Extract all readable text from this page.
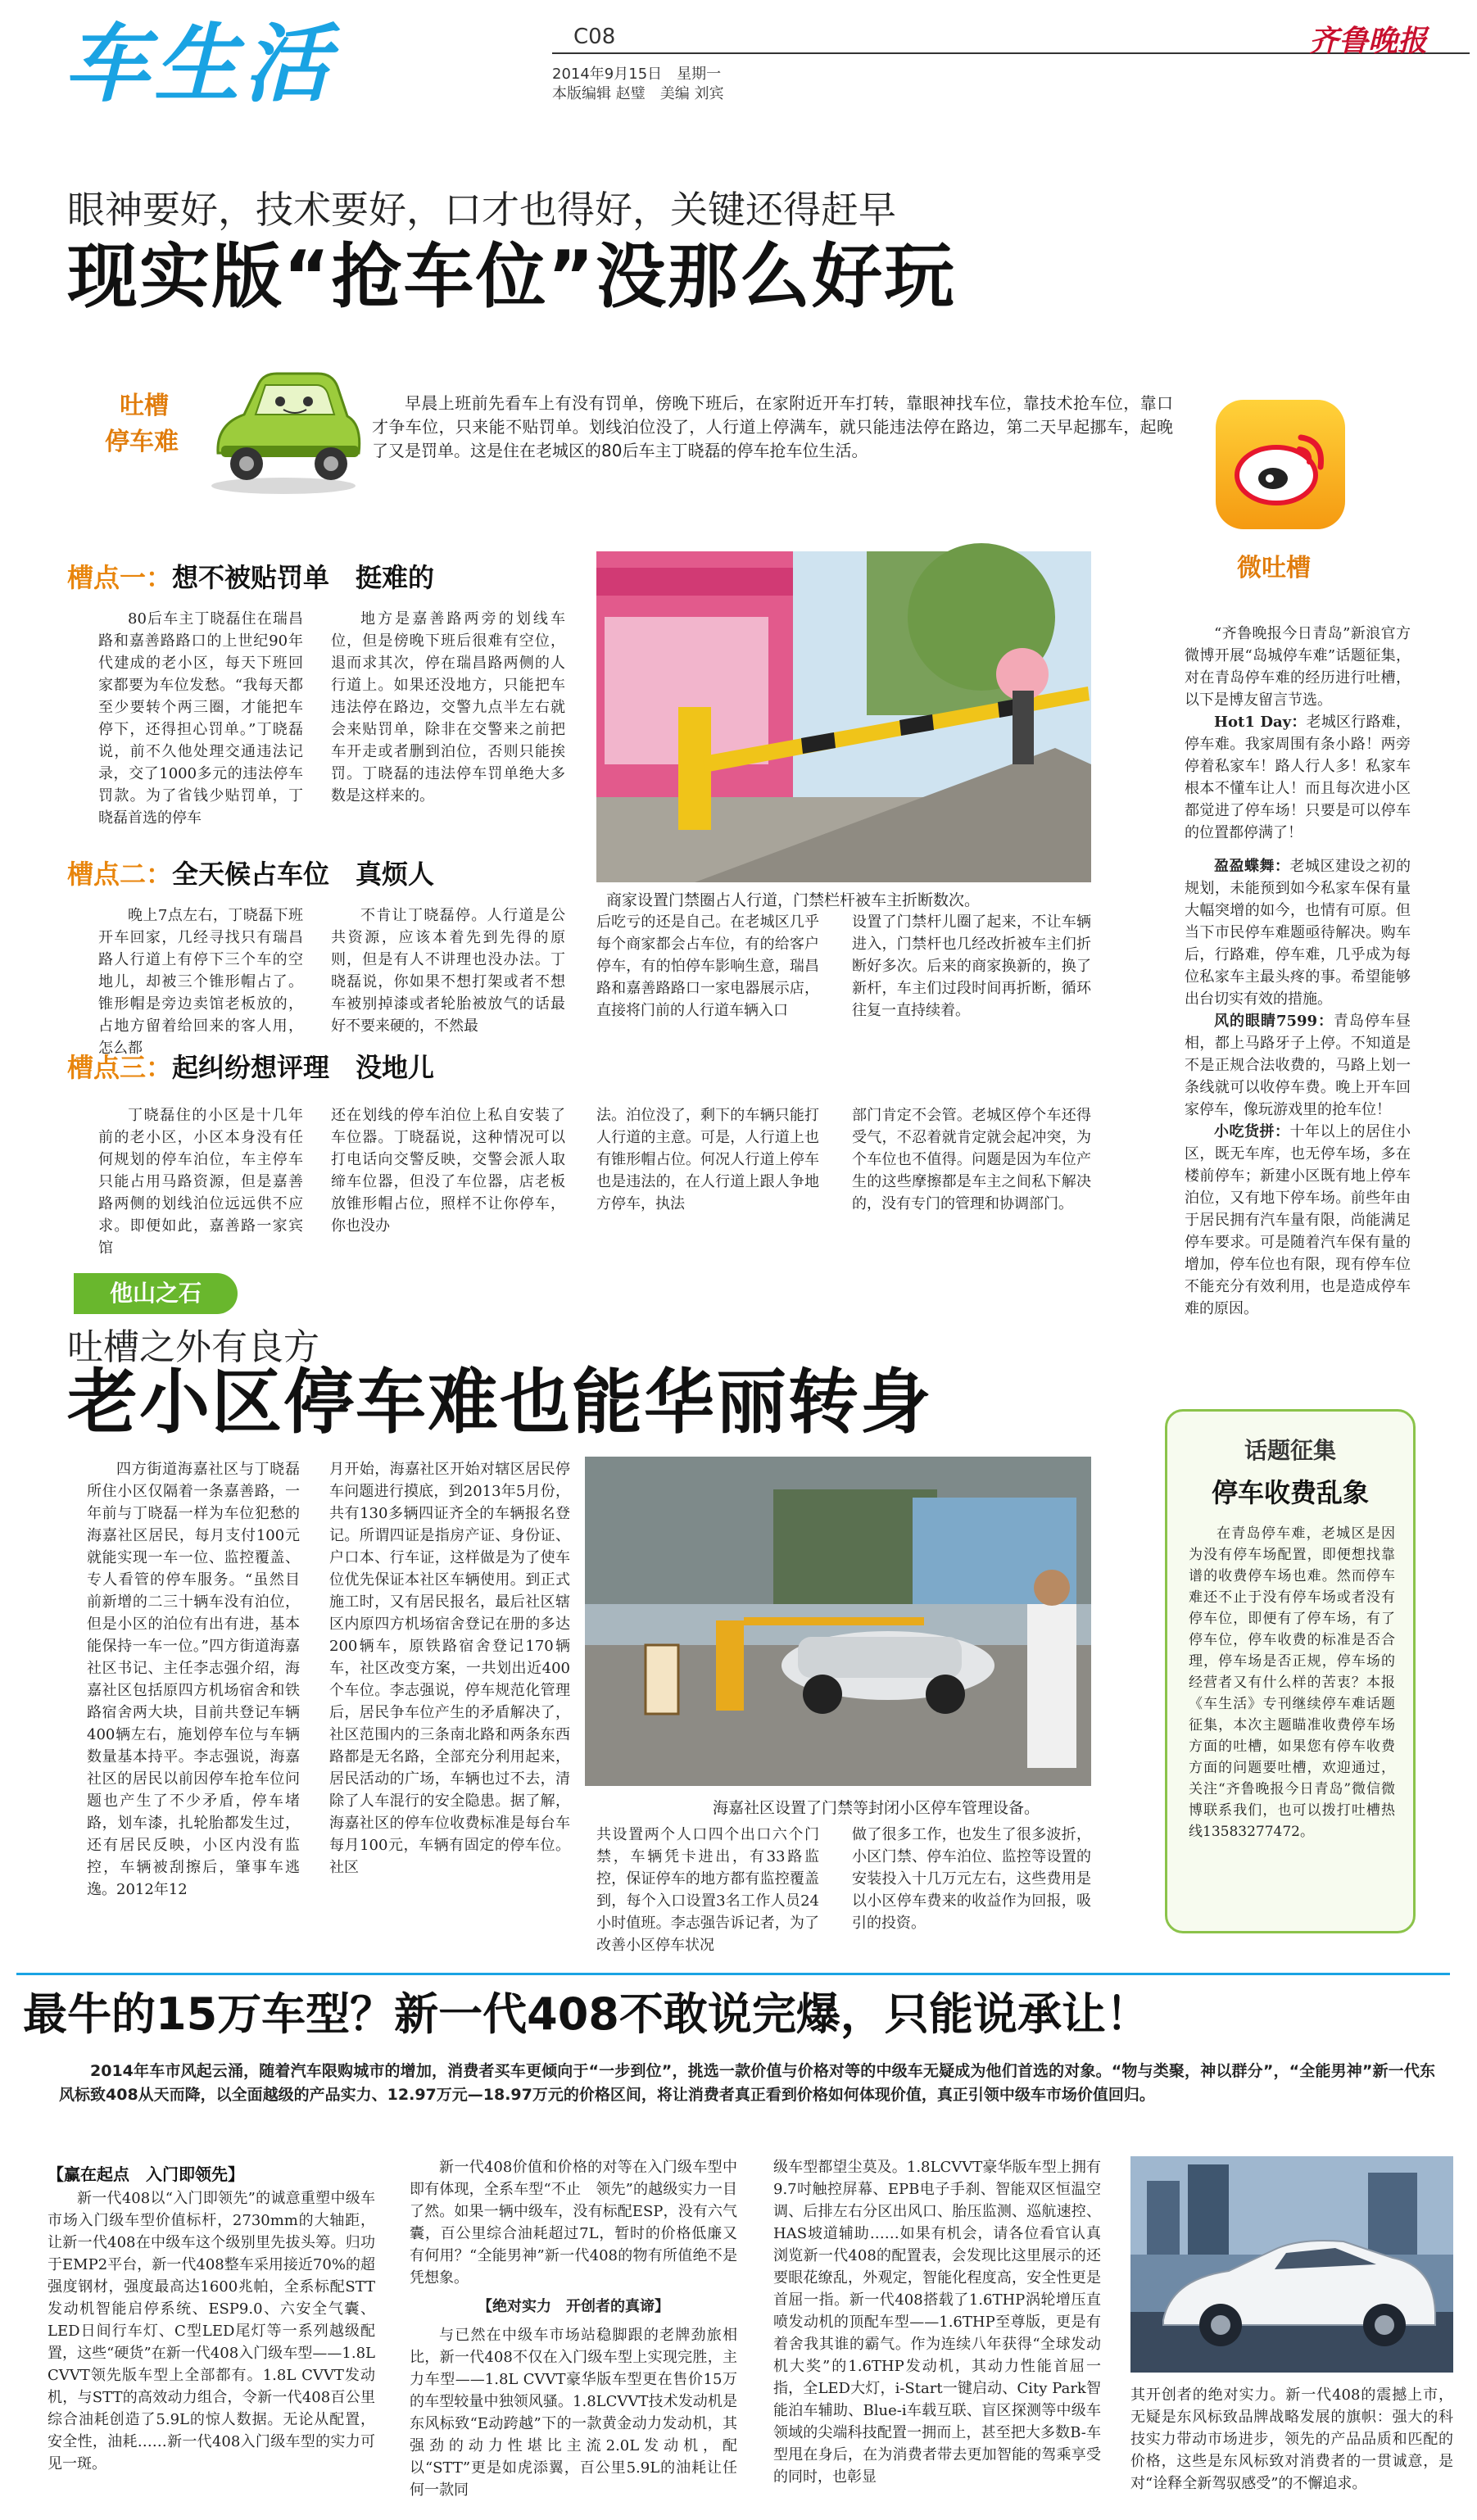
车生活	C08
2014年9月15日　星期一
本版编辑 赵璧　美编 刘宾
齐鲁晚报
眼神要好，技术要好，口才也得好，关键还得赶早
现实版“抢车位”没那么好玩
吐槽
停车难

早晨上班前先看车上有没有罚单，傍晚下班后，在家附近开车打转，靠眼神找车位，靠技术抢车位，靠口才争车位，只来能不贴罚单。划线泊位没了，人行道上停满车，就只能违法停在路边，第二天早起挪车，起晚了又是罚单。这是住在老城区的80后车主丁晓磊的停车抢车位生活。

槽点一： 想不被贴罚单　挺难的

80后车主丁晓磊住在瑞昌路和嘉善路路口的上世纪90年代建成的老小区，每天下班回家都要为车位发愁。“我每天都至少要转个两三圈，才能把车停下，还得担心罚单。”丁晓磊说，前不久他处理交通违法记录，交了1000多元的违法停车罚款。为了省钱少贴罚单，丁晓磊首选的停车

地方是嘉善路两旁的划线车位，但是傍晚下班后很难有空位，退而求其次，停在瑞昌路两侧的人行道上。如果还没地方，只能把车违法停在路边，交警九点半左右就会来贴罚单，除非在交警来之前把车开走或者删到泊位，否则只能挨罚。丁晓磊的违法停车罚单绝大多数是这样来的。

商家设置门禁圈占人行道，门禁栏杆被车主折断数次。
槽点二： 全天候占车位　真烦人

晚上7点左右，丁晓磊下班开车回家，几经寻找只有瑞昌路人行道上有停下三个车的空地儿，却被三个锥形帽占了。锥形帽是旁边卖馆老板放的，占地方留着给回来的客人用，怎么都

不肯让丁晓磊停。人行道是公共资源，应该本着先到先得的原则，但是有人不讲理也没办法。丁晓磊说，你如果不想打架或者不想车被别掉漆或者轮胎被放气的话最好不要来硬的，不然最

后吃亏的还是自己。在老城区几乎每个商家都会占车位，有的给客户停车，有的怕停车影响生意，瑞昌路和嘉善路路口一家电器展示店，直接将门前的人行道车辆入口

设置了门禁杆儿圈了起来，不让车辆进入，门禁杆也几经改折被车主们折断好多次。后来的商家换新的，换了新杆，车主们过段时间再折断，循环往复一直持续着。

槽点三： 起纠纷想评理　没地儿

丁晓磊住的小区是十几年前的老小区，小区本身没有任何规划的停车泊位，车主停车只能占用马路资源，但是嘉善路两侧的划线泊位远远供不应求。即便如此，嘉善路一家宾馆

还在划线的停车泊位上私自安装了车位器。丁晓磊说，这种情况可以打电话向交警反映，交警会派人取缔车位器，但没了车位器，店老板放锥形帽占位，照样不让你停车，你也没办

法。泊位没了，剩下的车辆只能打人行道的主意。可是，人行道上也有锥形帽占位。何况人行道上停车也是违法的，在人行道上跟人争地方停车，执法

部门肯定不会管。老城区停个车还得受气，不忍着就肯定就会起冲突，为个车位也不值得。问题是因为车位产生的这些摩擦都是车主之间私下解决的，没有专门的管理和协调部门。

微吐槽

“齐鲁晚报今日青岛”新浪官方微博开展“岛城停车难”话题征集，对在青岛停车难的经历进行吐槽，以下是博友留言节选。

Hot1 Day：老城区行路难，停车难。我家周围有条小路！两旁停着私家车！路人行人多！私家车根本不懂车让人！而且每次进小区都觉进了停车场！只要是可以停车的位置都停满了！

盈盈蝶舞：老城区建设之初的规划，未能预到如今私家车保有量大幅突增的如今，也情有可原。但当下市民停车难题亟待解决。购车后，行路难，停车难，几乎成为每位私家车主最头疼的事。希望能够出台切实有效的措施。

风的眼睛7599：青岛停车昼相，都上马路牙子上停。不知道是不是正规合法收费的，马路上划一条线就可以收停车费。晚上开车回家停车，像玩游戏里的抢车位！

小吃货拼：十年以上的居住小区，既无车库，也无停车场，多在楼前停车；新建小区既有地上停车泊位，又有地下停车场。前些年由于居民拥有汽车量有限，尚能满足停车要求。可是随着汽车保有量的增加，停车位也有限，现有停车位不能充分有效利用，也是造成停车难的原因。

他山之石
吐槽之外有良方
老小区停车难也能华丽转身

四方街道海嘉社区与丁晓磊所住小区仅隔着一条嘉善路，一年前与丁晓磊一样为车位犯愁的海嘉社区居民，每月支付100元就能实现一车一位、监控覆盖、专人看管的停车服务。“虽然目前新增的二三十辆车没有泊位，但是小区的泊位有出有进，基本能保持一车一位。”四方街道海嘉社区书记、主任李志强介绍，海嘉社区包括原四方机场宿舍和铁路宿舍两大块，目前共登记车辆400辆左右，施划停车位与车辆数量基本持平。李志强说，海嘉社区的居民以前因停车抢车位问题也产生了不少矛盾，停车堵路，划车漆，扎轮胎都发生过，还有居民反映，小区内没有监控，车辆被刮擦后，肇事车逃逸。2012年12

月开始，海嘉社区开始对辖区居民停车问题进行摸底，到2013年5月份，共有130多辆四证齐全的车辆报名登记。所谓四证是指房产证、身份证、户口本、行车证，这样做是为了使车位优先保证本社区车辆使用。到正式施工时，又有居民报名，最后社区辖区内原四方机场宿舍登记在册的多达200辆车，原铁路宿舍登记170辆车，社区改变方案，一共划出近400个车位。李志强说，停车规范化管理后，居民争车位产生的矛盾解决了，社区范围内的三条南北路和两条东西路都是无名路，全部充分利用起来，居民活动的广场，车辆也过不去，清除了人车混行的安全隐患。据了解，海嘉社区的停车位收费标准是每台车每月100元，车辆有固定的停车位。社区

海嘉社区设置了门禁等封闭小区停车管理设备。

共设置两个人口四个出口六个门禁，车辆凭卡进出，有33路监控，保证停车的地方都有监控覆盖到，每个入口设置3名工作人员24小时值班。李志强告诉记者，为了改善小区停车状况

做了很多工作，也发生了很多波折，小区门禁、停车泊位、监控等设置的安装投入十几万元左右，这些费用是以小区停车费来的收益作为回报，吸引的投资。

话题征集
停车收费乱象

在青岛停车难，老城区是因为没有停车场配置，即便想找靠谱的收费停车场也难。然而停车难还不止于没有停车场或者没有停车位，即便有了停车场，有了停车位，停车收费的标准是否合理，停车场是否正规，停车场的经营者又有什么样的苦衷？本报《车生活》专刊继续停车难话题征集，本次主题瞄准收费停车场方面的吐槽，如果您有停车收费方面的问题要吐槽，欢迎通过，关注“齐鲁晚报今日青岛”微信微博联系我们，也可以拨打吐槽热线13583277472。

最牛的15万车型？新一代408不敢说完爆，只能说承让！

2014年车市风起云涌，随着汽车限购城市的增加，消费者买车更倾向于“一步到位”，挑选一款价值与价格对等的中级车无疑成为他们首选的对象。“物与类聚，神以群分”，“全能男神”新一代东风标致408从天而降，以全面越级的产品实力、12.97万元—18.97万元的价格区间，将让消费者真正看到价格如何体现价值，真正引领中级车市场价值回归。

【赢在起点　入门即领先】

新一代408以“入门即领先”的诚意重塑中级车市场入门级车型价值标杆，2730mm的大轴距，让新一代408在中级车这个级别里先拔头筹。归功于EMP2平台，新一代408整车采用接近70%的超强度钢材，强度最高达1600兆帕，全系标配STT发动机智能启停系统、ESP9.0、六安全气囊、LED日间行车灯、C型LED尾灯等一系列越级配置，这些“硬货”在新一代408入门级车型——1.8L CVVT领先版车型上全部都有。1.8L CVVT发动机，与STT的高效动力组合，令新一代408百公里综合油耗创造了5.9L的惊人数据。无论从配置，安全性，油耗……新一代408入门级车型的实力可见一斑。

新一代408价值和价格的对等在入门级车型中即有体现，全系车型“不止　领先”的越级实力一目了然。如果一辆中级车，没有标配ESP，没有六气囊，百公里综合油耗超过7L，暂时的价格低廉又有何用？“全能男神”新一代408的物有所值绝不是凭想象。

【绝对实力　开创者的真谛】

与已然在中级车市场站稳脚跟的老牌劲旅相比，新一代408不仅在入门级车型上实现完胜，主力车型——1.8L CVVT豪华版车型更在售价15万的车型较量中独领风骚。1.8LCVVT技术发动机是东风标致“E动跨越”下的一款黄金动力发动机，其强劲的动力性堪比主流2.0L发动机，配以“STT”更是如虎添翼，百公里5.9L的油耗让任何一款同

级车型都望尘莫及。1.8LCVVT豪华版车型上拥有9.7吋触控屏幕、EPB电子手刹、智能双区恒温空调、后排左右分区出风口、胎压监测、巡航速控、HAS坡道辅助……如果有机会，请各位看官认真浏览新一代408的配置表，会发现比这里展示的还要眼花缭乱，外观定，智能化程度高，安全性更是首屈一指。新一代408搭载了1.6THP涡轮增压直喷发动机的顶配车型——1.6THP至尊版，更是有着舍我其谁的霸气。作为连续八年获得“全球发动机大奖”的1.6THP发动机，其动力性能首屈一指，全LED大灯，i-Start一键启动、City Park智能泊车辅助、Blue-i车载互联、盲区探测等中级车领域的尖端科技配置一拥而上，甚至把大多数B-车型甩在身后，在为消费者带去更加智能的驾乘享受的同时，也彰显

其开创者的绝对实力。新一代408的震撼上市，无疑是东风标致品牌战略发展的旗帜：强大的科技实力带动市场进步，领先的产品品质和匹配的价格，这些是东风标致对消费者的一贯诚意，是对“诠释全新驾驭感受”的不懈追求。
